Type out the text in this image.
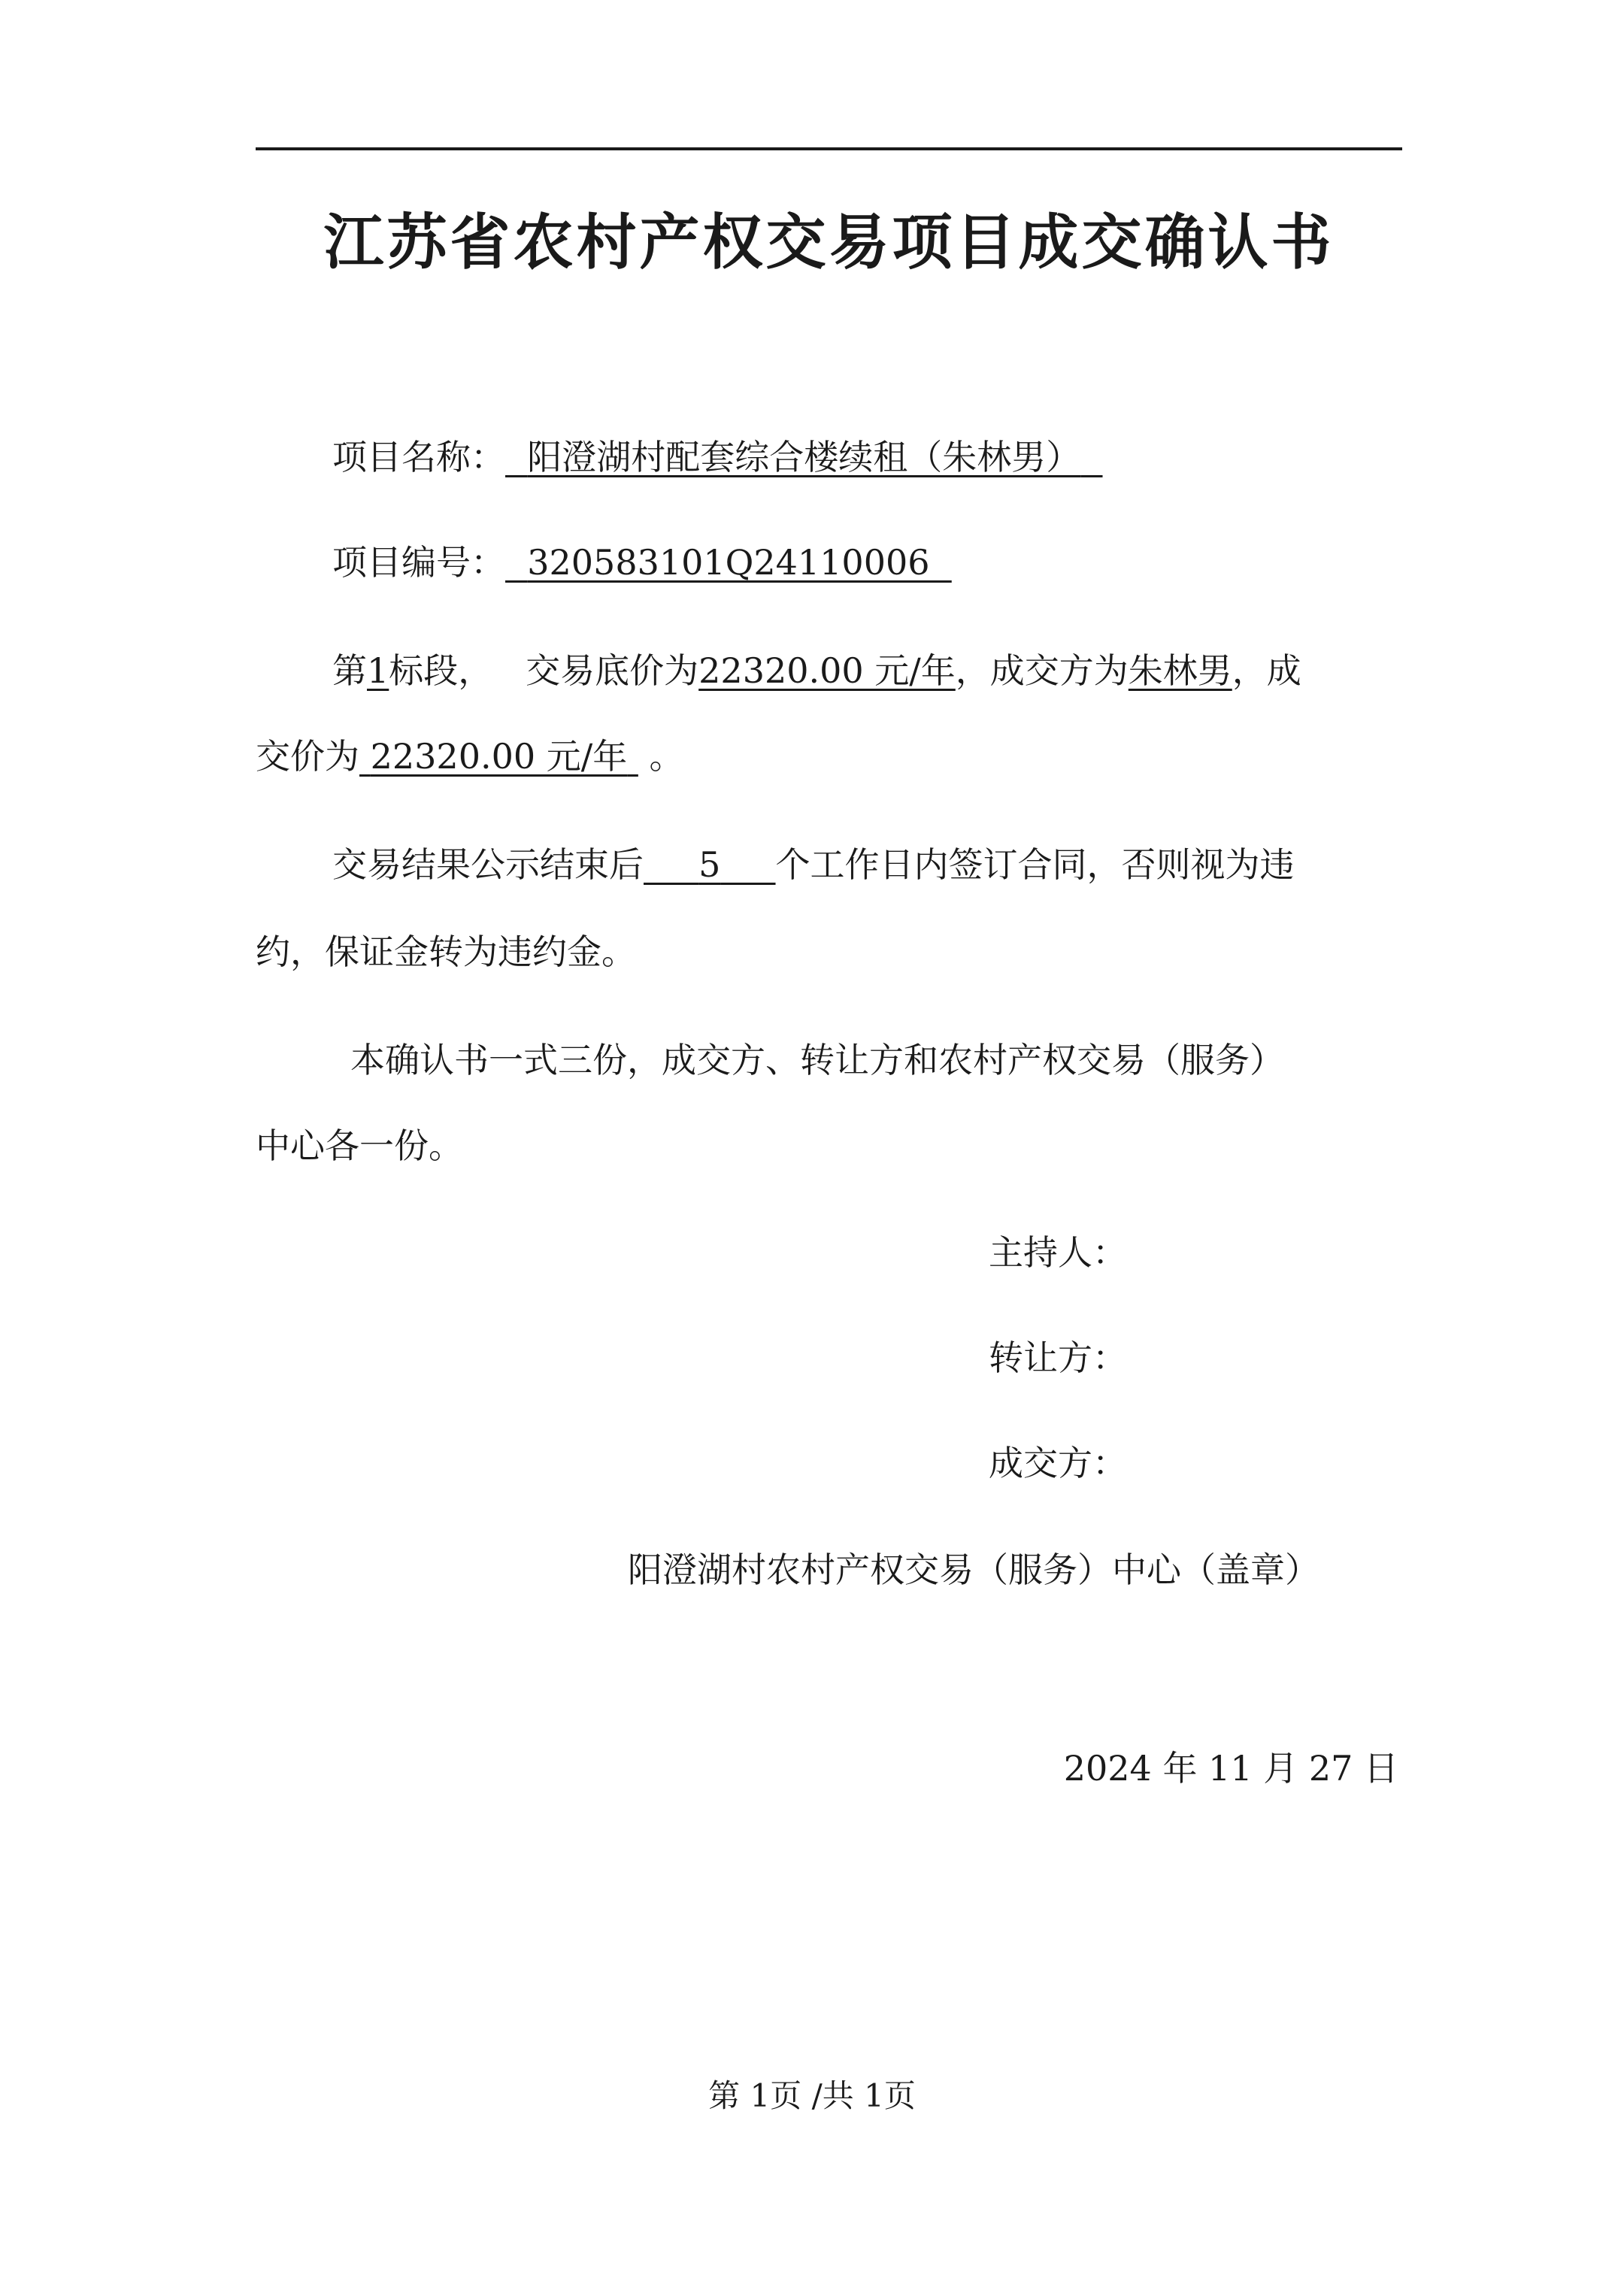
江苏省农村产权交易项目成交确认书
项目名称： 阳澄湖村配套综合楼续租（朱林男）
项目编号： 320583101Q24110006
第1标段， 交易底价为22320.00 元/年，成交方为朱林男，成
交价为 22320.00 元/年 。
交易结果公示结束后 5 个工作日内签订合同，否则视为违
约，保证金转为违约金。
本确认书一式三份，成交方、转让方和农村产权交易（服务）
中心各一份。
主持人：
转让方：
成交方：
阳澄湖村农村产权交易（服务）中心（盖章）
2024 年 11 月 27 日
第 1页 /共 1页
